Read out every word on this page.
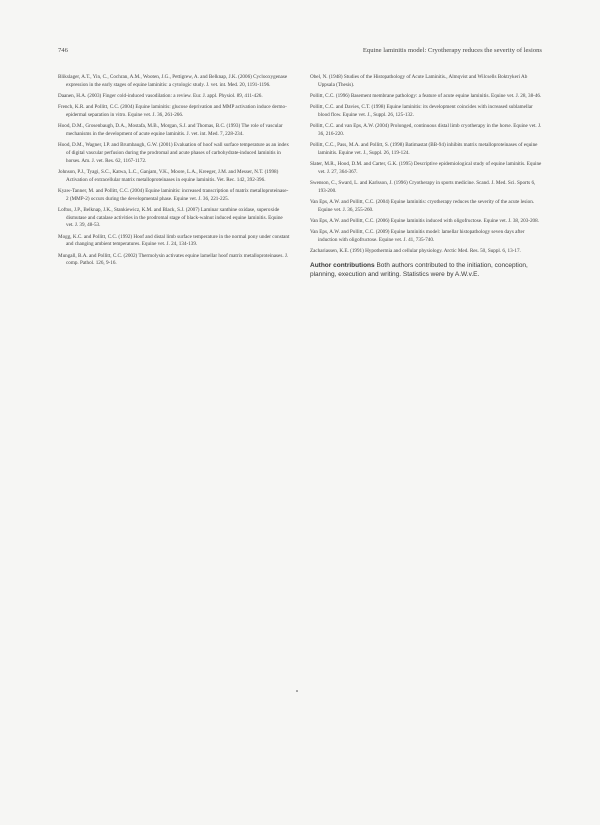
746	Equine laminitis model: Cryotherapy reduces the severity of lesions

Blikslager, A.T., Yin, C., Cochran, A.M., Wooten, J.G., Pettigrew, A. and Belknap, J.K. (2006) Cyclooxygenase expression in the early stages of equine laminitis: a cytologic study. J. vet. int. Med. 20, 1191-1196.

Daanen, H.A. (2003) Finger cold-induced vasodilation: a review. Eur. J. appl. Physiol. 89, 411-426.

French, K.R. and Pollitt, C.C. (2004) Equine laminitis: glucose deprivation and MMP activation induce dermo-epidermal separation in vitro. Equine vet. J. 36, 261-266.

Hood, D.M., Grosenbaugh, D.A., Mostafa, M.B., Morgan, S.J. and Thomas, B.C. (1993) The role of vascular mechanisms in the development of acute equine laminitis. J. vet. int. Med. 7, 228-234.

Hood, D.M., Wagner, I.P. and Brumbaugh, G.W. (2001) Evaluation of hoof wall surface temperature as an index of digital vascular perfusion during the prodromal and acute phases of carbohydrate-induced laminitis in horses. Am. J. vet. Res. 62, 1167-1172.

Johnson, P.J., Tyagi, S.C., Katwa, L.C., Ganjam, V.K., Moore, L.A., Kreeger, J.M. and Messer, N.T. (1998) Activation of extracellular matrix metalloproteinases in equine laminitis. Vet. Rec. 142, 392-396.

Kyaw-Tanner, M. and Pollitt, C.C. (2004) Equine laminitis: increased transcription of matrix metalloproteinase-2 (MMP-2) occurs during the developmental phase. Equine vet. J. 36, 221-225.

Loftus, J.P., Belknap, J.K., Stankiewicz, K.M. and Black, S.J. (2007) Laminar xanthine oxidase, superoxide dismutase and catalase activities in the prodromal stage of black-walnut induced equine laminitis. Equine vet. J. 39, 48-53.

Mogg, K.C. and Pollitt, C.C. (1992) Hoof and distal limb surface temperature in the normal pony under constant and changing ambient temperatures. Equine vet. J. 24, 134-139.

Mungall, B.A. and Pollitt, C.C. (2002) Thermolysin activates equine lamellar hoof matrix metalloproteinases. J. comp. Pathol. 126, 9-16.

Obel, N. (1948) Studies of the Histopathology of Acute Laminitis., Almqvist and Wilcsells Boktrykeri Ab Uppsala (Thesis).

Pollitt, C.C. (1996) Basement membrane pathology: a feature of acute equine laminitis. Equine vet. J. 28, 38-46.

Pollitt, C.C. and Davies, C.T. (1998) Equine laminitis: its development coincides with increased sublamellar blood flow. Equine vet. J., Suppl. 26, 125-132.

Pollitt, C.C. and van Eps, A.W. (2004) Prolonged, continuous distal limb cryotherapy in the horse. Equine vet. J. 36, 216-220.

Pollitt, C.C., Pass, M.A. and Pollitt, S. (1998) Batimastat (BB-94) inhibits matrix metalloproteinases of equine laminitis. Equine vet. J., Suppl. 26, 119-124.

Slater, M.R., Hood, D.M. and Carter, G.K. (1995) Descriptive epidemiological study of equine laminitis. Equine vet. J. 27, 364-367.

Swenson, C., Sward, L. and Karlsson, J. (1996) Cryotherapy in sports medicine. Scand. J. Med. Sci. Sports 6, 193-200.

Van Eps, A.W. and Pollitt, C.C. (2004) Equine laminitis: cryotherapy reduces the severity of the acute lesion. Equine vet. J. 36, 255-260.

Van Eps, A.W. and Pollitt, C.C. (2006) Equine laminitis induced with oligofructose. Equine vet. J. 38, 203-208.

Van Eps, A.W. and Pollitt, C.C. (2009) Equine laminitis model: lamellar histopathology seven days after induction with oligofructose. Equine vet. J. 41, 735-740.

Zachariassen, K.E. (1991) Hypothermia and cellular physiology. Arctic Med. Res. 50, Suppl. 6, 13-17.

Author contributions Both authors contributed to the initiation, conception, planning, execution and writing. Statistics were by A.W.v.E.
